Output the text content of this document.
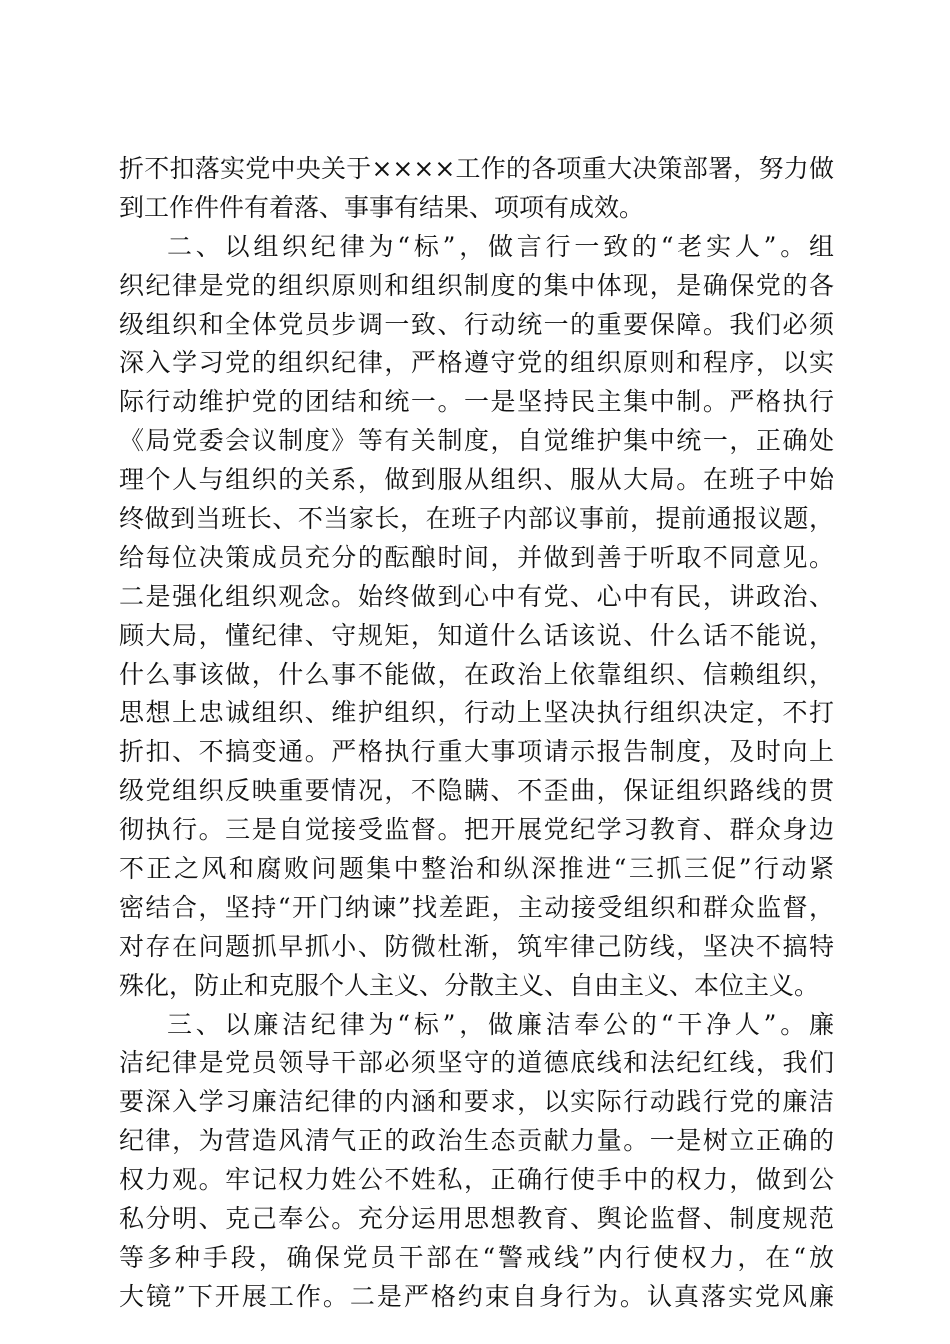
折不扣落实党中央关于××××工作的各项重大决策部署，努力做
到工作件件有着落、事事有结果、项项有成效。
二、以组织纪律为“标”，做言行一致的“老实人”。组
织纪律是党的组织原则和组织制度的集中体现，是确保党的各
级组织和全体党员步调一致、行动统一的重要保障。我们必须
深入学习党的组织纪律，严格遵守党的组织原则和程序，以实
际行动维护党的团结和统一。一是坚持民主集中制。严格执行
《局党委会议制度》等有关制度，自觉维护集中统一，正确处
理个人与组织的关系，做到服从组织、服从大局。在班子中始
终做到当班长、不当家长，在班子内部议事前，提前通报议题，
给每位决策成员充分的酝酿时间，并做到善于听取不同意见。
二是强化组织观念。始终做到心中有党、心中有民，讲政治、
顾大局，懂纪律、守规矩，知道什么话该说、什么话不能说，
什么事该做，什么事不能做，在政治上依靠组织、信赖组织，
思想上忠诚组织、维护组织，行动上坚决执行组织决定，不打
折扣、不搞变通。严格执行重大事项请示报告制度，及时向上
级党组织反映重要情况，不隐瞒、不歪曲，保证组织路线的贯
彻执行。三是自觉接受监督。把开展党纪学习教育、群众身边
不正之风和腐败问题集中整治和纵深推进“三抓三促”行动紧
密结合，坚持“开门纳谏”找差距，主动接受组织和群众监督，
对存在问题抓早抓小、防微杜渐，筑牢律己防线，坚决不搞特
殊化，防止和克服个人主义、分散主义、自由主义、本位主义。
三、以廉洁纪律为“标”，做廉洁奉公的“干净人”。廉
洁纪律是党员领导干部必须坚守的道德底线和法纪红线，我们
要深入学习廉洁纪律的内涵和要求，以实际行动践行党的廉洁
纪律，为营造风清气正的政治生态贡献力量。一是树立正确的
权力观。牢记权力姓公不姓私，正确行使手中的权力，做到公
私分明、克己奉公。充分运用思想教育、舆论监督、制度规范
等多种手段，确保党员干部在“警戒线”内行使权力，在“放
大镜”下开展工作。二是严格约束自身行为。认真落实党风廉
